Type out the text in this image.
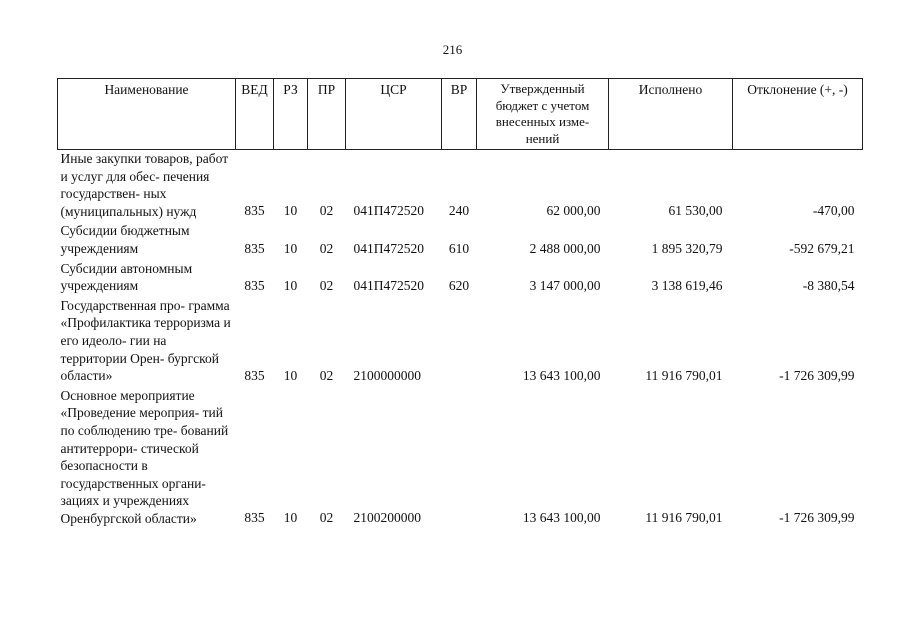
216
Наименование	ВЕД	РЗ	ПР	ЦСР	ВР	Утвержденный бюджет с учетом внесенных изме- нений	Исполнено	Отклонение (+, -)
Иные закупки товаров, работ и услуг для обес- печения государствен- ных (муниципальных) нужд	835	10	02	041П472520	240	62 000,00	61 530,00	-470,00
Субсидии бюджетным учреждениям	835	10	02	041П472520	610	2 488 000,00	1 895 320,79	-592 679,21
Субсидии автономным учреждениям	835	10	02	041П472520	620	3 147 000,00	3 138 619,46	-8 380,54
Государственная про- грамма «Профилактика терроризма и его идеоло- гии на территории Орен- бургской области»	835	10	02	2100000000		13 643 100,00	11 916 790,01	-1 726 309,99
Основное мероприятие «Проведение мероприя- тий по соблюдению тре- бований антитеррори- стической безопасности в государственных органи- зациях и учреждениях Оренбургской области»	835	10	02	2100200000		13 643 100,00	11 916 790,01	-1 726 309,99
